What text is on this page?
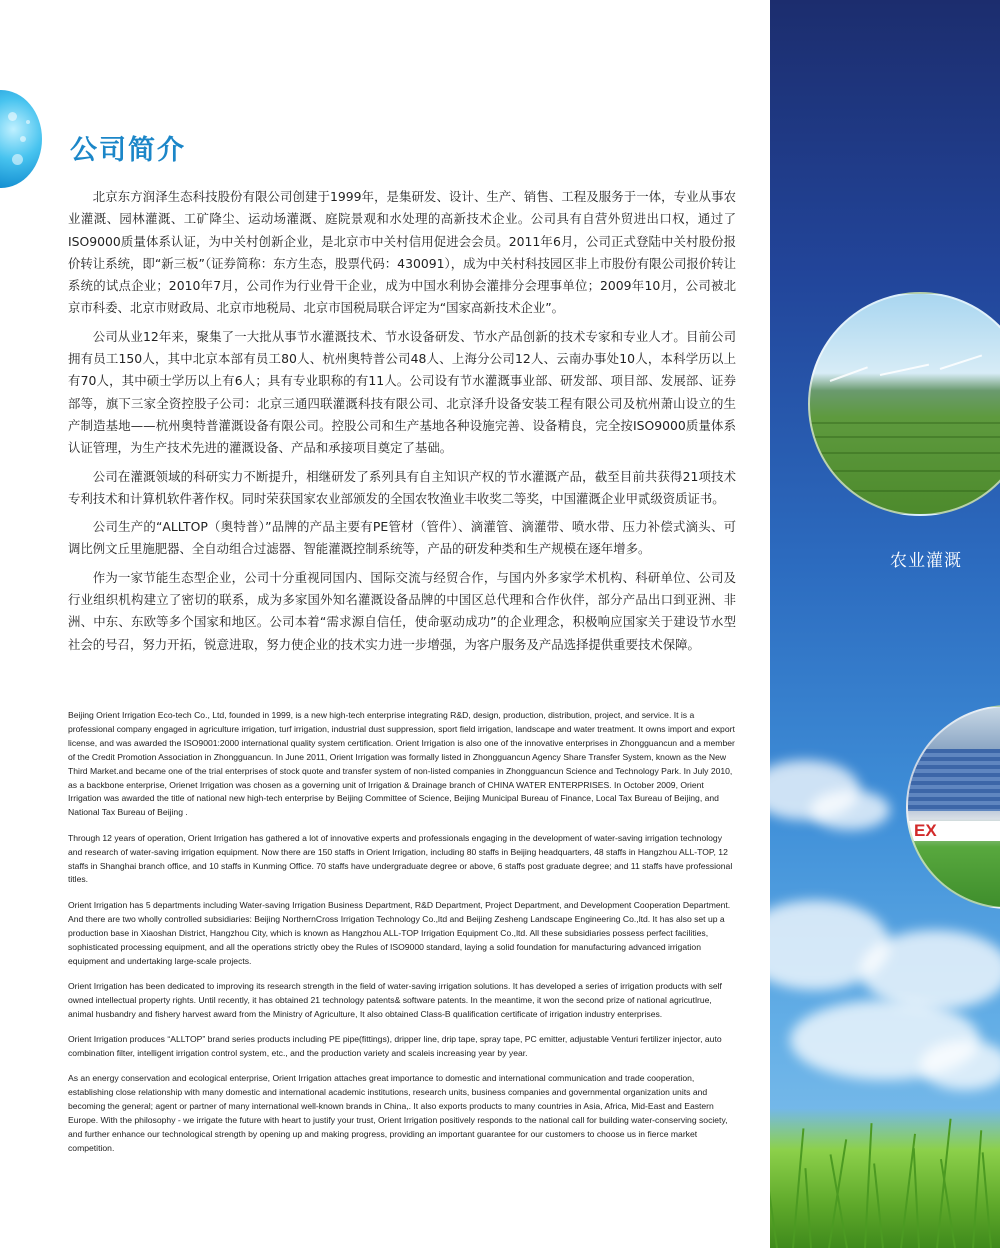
公司简介

北京东方润泽生态科技股份有限公司创建于1999年，是集研发、设计、生产、销售、工程及服务于一体，专业从事农业灌溉、园林灌溉、工矿降尘、运动场灌溉、庭院景观和水处理的高新技术企业。公司具有自营外贸进出口权，通过了ISO9000质量体系认证，为中关村创新企业，是北京市中关村信用促进会会员。2011年6月，公司正式登陆中关村股份报价转让系统，即“新三板”（证券简称：东方生态，股票代码：430091），成为中关村科技园区非上市股份有限公司报价转让系统的试点企业；2010年7月，公司作为行业骨干企业，成为中国水利协会灌排分会理事单位；2009年10月，公司被北京市科委、北京市财政局、北京市地税局、北京市国税局联合评定为“国家高新技术企业”。

公司从业12年来，聚集了一大批从事节水灌溉技术、节水设备研发、节水产品创新的技术专家和专业人才。目前公司拥有员工150人，其中北京本部有员工80人、杭州奥特普公司48人、上海分公司12人、云南办事处10人，本科学历以上有70人，其中硕士学历以上有6人；具有专业职称的有11人。公司设有节水灌溉事业部、研发部、项目部、发展部、证券部等，旗下三家全资控股子公司：北京三通四联灌溉科技有限公司、北京泽升设备安装工程有限公司及杭州萧山设立的生产制造基地——杭州奥特普灌溉设备有限公司。控股公司和生产基地各种设施完善、设备精良，完全按ISO9000质量体系认证管理，为生产技术先进的灌溉设备、产品和承接项目奠定了基础。

公司在灌溉领域的科研实力不断提升，相继研发了系列具有自主知识产权的节水灌溉产品，截至目前共获得21项技术专利技术和计算机软件著作权。同时荣获国家农业部颁发的全国农牧渔业丰收奖二等奖，中国灌溉企业甲贰级资质证书。

公司生产的“ALLTOP（奥特普）”品牌的产品主要有PE管材（管件）、滴灌管、滴灌带、喷水带、压力补偿式滴头、可调比例文丘里施肥器、全自动组合过滤器、智能灌溉控制系统等，产品的研发种类和生产规模在逐年增多。

作为一家节能生态型企业，公司十分重视同国内、国际交流与经贸合作，与国内外多家学术机构、科研单位、公司及行业组织机构建立了密切的联系，成为多家国外知名灌溉设备品牌的中国区总代理和合作伙伴，部分产品出口到亚洲、非洲、中东、东欧等多个国家和地区。公司本着“需求源自信任，使命驱动成功”的企业理念，积极响应国家关于建设节水型社会的号召，努力开拓，锐意进取，努力使企业的技术实力进一步增强，为客户服务及产品选择提供重要技术保障。

Beijing Orient Irrigation Eco-tech Co., Ltd, founded in 1999, is a new high-tech enterprise integrating R&D, design, production, distribution, project, and service. It is a professional company engaged in agriculture irrigation, turf irrigation, industrial dust suppression, sport field irrigation, landscape and water treatment. It owns import and export license, and was awarded the ISO9001:2000 international quality system certification. Orient Irrigation is also one of the innovative enterprises in Zhongguancun and a member of the Credit Promotion Association in Zhongguancun. In June 2011, Orient Irrigation was formally listed in Zhongguancun Agency Share Transfer System, known as the New Third Market.and became one of the trial enterprises of stock quote and transfer system of non-listed companies in Zhongguancun Science and Technology Park. In July 2010, as a backbone enterprise, Orienet Irrigation was chosen as a governing unit of Irrigation & Drainage branch of CHINA WATER ENTERPRISES. In October 2009, Orient Irrigation was awarded the title of national new high-tech enterprise by Beijing Committee of Science, Beijing Municipal Bureau of Finance, Local Tax Bureau of Beijing, and National Tax Bureau of Beijing .

Through 12 years of operation, Orient Irrigation has gathered a lot of innovative experts and professionals engaging in the development of water-saving irrigation technology and research of water-saving irrigation equipment. Now there are 150 staffs in Orient Irrigation, including 80 staffs in Beijing headquarters, 48 staffs in Hangzhou ALL-TOP, 12 staffs in Shanghai branch office, and 10 staffs in Kunming Office. 70 staffs have undergraduate degree or above, 6 staffs post graduate degree; and 11 staffs have professional titles.

Orient Irrigation has 5 departments including Water-saving Irrigation Business Department, R&D Department, Project Department, and Development Cooperation Department. And there are two wholly controlled subsidiaries: Beijing NorthernCross Irrigation Technology Co.,ltd and Beijing Zesheng Landscape Engineering Co.,ltd. It has also set up a production base in Xiaoshan District, Hangzhou City, which is known as Hangzhou ALL-TOP Irrigation Equipment Co.,ltd. All these subsidiaries possess perfect facilities, sophisticated processing equipment, and all the operations strictly obey the Rules of ISO9000 standard, laying a solid foundation for manufacturing advanced irrigation equipment and undertaking large-scale projects.

Orient Irrigation has been dedicated to improving its research strength in the field of water-saving irrigation solutions. It has developed a series of irrigation products with self owned intellectual property rights. Until recently, it has obtained 21 technology patents& software patents. In the meantime, it won the second prize of national agricutlrue, animal husbandry and fishery harvest award from the Ministry of Agriculture, It also obtained Class-B qualification certificate of irrigation industry enterprises.

Orient Irrigation produces “ALLTOP” brand series products including PE pipe(fittings), dripper line, drip tape, spray tape, PC emitter, adjustable Venturi fertilizer injector, auto combination filter, intelligent irrigation control system, etc., and the production variety and scaleis increasing year by year.

As an energy conservation and ecological enterprise, Orient Irrigation attaches great importance to domestic and international communication and trade cooperation, establishing close relationship with many domestic and international academic institutions, research units, business companies and governmental organization units and becoming the general; agent or partner of many international well-known brands in China,. It also exports products to many countries in Asia, Africa, Mid-East and Eastern Europe. With the philosophy - we irrigate the future with heart to justify your trust, Orient Irrigation positively responds to the national call for building water-conserving society, and further enhance our technological strength by opening up and making progress, providing an important guarantee for our customers to choose us in fierce market competition.

农业灌溉
EX
